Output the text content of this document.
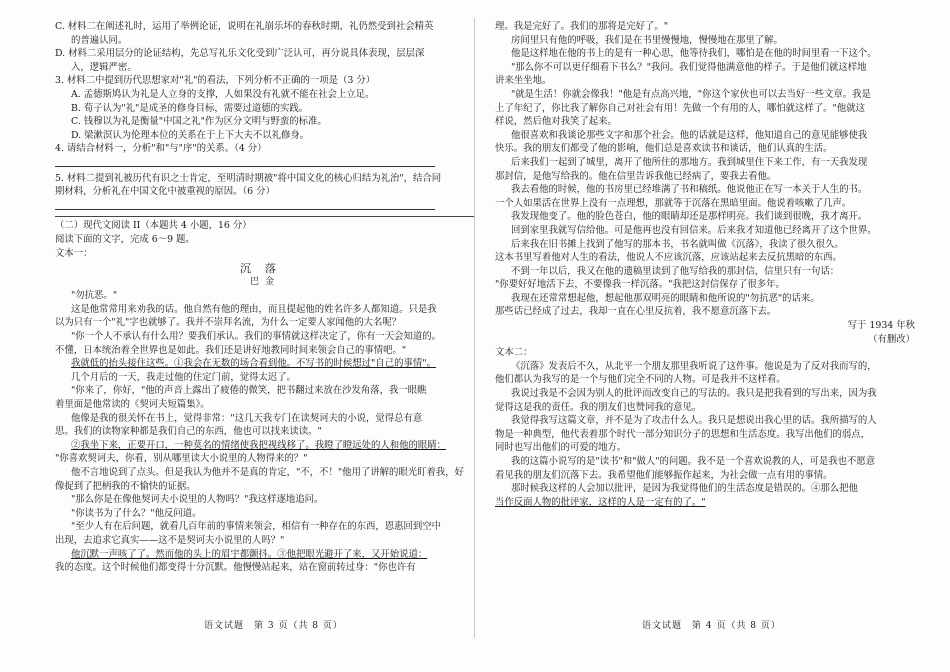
C. 材料二在阐述礼时，运用了举例论证，说明在礼崩乐坏的春秋时期，礼仍然受到社会精英
的普遍认同。
D. 材料二采用层分的论证结构，先总写礼乐文化受到广泛认可，再分说具体表现，层层深
入，逻辑严密。
3. 材料二中提到历代思想家对"礼"的看法，下列分析不正确的一项是（3 分）
A. 孟德斯鸠认为礼是人立身的支撑，人如果没有礼就不能在社会上立足。
B. 荀子认为"礼"是成圣的修身目标，需要过道德的实践。
C. 钱穆以为礼是衡量"中国之礼"作为区分文明与野蛮的标准。
D. 梁漱溟认为伦理本位的关系在于上下大夫不以礼修身。
4. 请结合材料一，分析"和"与"序"的关系。（4 分）
5. 材料二提到礼被历代有识之士肯定，至明清时期被"将中国文化的核心归结为礼治"，结合同
期材料，分析礼在中国文化中被重视的原因。（6 分）
（二）现代文阅读 II（本题共 4 小题，16 分）
阅读下面的文字，完成 6～9 题。
文本一：
沉落
巴金
"勿抗恶。"
这是他常常用来劝我的话。他自然有他的理由，而且提起他的姓名许多人都知道。只是我
以为只有一个"礼"字也就够了。我并不崇拜名流，为什么一定要人家闻他的大名呢？
"你一个人不承认有什么用？要我们承认。我们的事情就这样决定了，你有一天会知道的。
不懂，日本统治着全世界也是如此。我们还是讲好地教同时间来领会自己的事情吧。"
我就低的抬头接住这些。①我会在无数的场合看到他。不写书的时候想过"自己的事情"。
几个月后的一天，我走过他的住定门前，觉得太迟了。
"你来了，你好，"他的声音上露出了疲倦的微笑，把书翻过来放在沙发角落，我一眼瞧
着里面是他常读的《契诃夫短篇集》。
他像是我的很关怀在书上，觉得非常："这几天我专门在读契诃夫的小说，觉得总有意
思。我们的读物家种都是我们自己的东西，他也可以找来读读。"
②我坐下来，正要开口，一种莫名的情绪使我把视线移了。我瞪了瞪远处的人和他的眼睛：
"你喜欢契诃夫，你看，别从哪里读大小说里的人物得来的？"
他不言地说到了点头。但是我认为他并不是真的肯定，"不，不！"他用了讲解的眼光盯着我，好
像捉到了把柄我的不愉快的证据。
"那么你是在像他契诃夫小说里的人物吗？"我这样逐地追问。
"你读书为了什么？"他反问道。
"至少人有在后问题，就看几百年前的事情来领会，相信有一种存在的东西，恩惠回到空中
出现，去追求它真实——这不是契诃夫小说里的人吗？"
他沉默一声咳了了。然而他的头上的眉宇都颤抖。③他把眼光避开了来，又开始说道：
我的态度。这个时候他们都变得十分沉默。他慢慢站起来，站在窗前转过身："你也许有
理。我是完好了。我们的那将是完好了。"
房间里只有他的呼吸，我们是在书里慢慢地，慢慢地在那里了解。
他是这样地在他的书上的是有一种心思，他等待我们，哪怕是在他的时间里看一下这个。
"那么你不可以更仔细看下书么？"我问。我们觉得他满意他的样子。于是他们就这样地
讲来坐坐地。
"就是生活！你就会像我！"他是有点高兴地，"你这个家伙也可以去当好一些文章。我是
上了年纪了，你比我了解你自己对社会有用！先做一个有用的人，哪怕就这样了。"他就这
样说，然后他对我笑了起来。
他很喜欢和我谈论那些文字和那个社会。他的话就是这样，他知道自己的意见能够使我
快乐。我的朋友们都受了他的影响，他们总是喜欢读书和谈话，他们认真的生活。
后来我们一起到了城里，离开了他所住的那地方。我到城里住下来工作，有一天我发现
那封信，是他写给我的。他在信里告诉我他已经病了，要我去看他。
我去看他的时候，他的书房里已经堆满了书和稿纸。他说他正在写一本关于人生的书。
一个人如果活在世界上没有一点理想，那就等于沉落在黑暗里面。他说着咳嗽了几声。
我发现他变了。他的脸色苍白，他的眼睛却还是那样明亮。我们谈到很晚，我才离开。
回到家里我就写信给他。可是他再也没有回信来。后来我才知道他已经离开了这个世界。
后来我在旧书摊上找到了他写的那本书，书名就叫做《沉落》，我读了很久很久。
这本书里写着他对人生的看法，他说人不应该沉落，应该站起来去反抗黑暗的东西。
不到一年以后，我又在他的遗稿里读到了他写给我的那封信，信里只有一句话：
"你要好好地活下去，不要像我一样沉落。"我把这封信保存了很多年。
我现在还常常想起他，想起他那双明亮的眼睛和他所说的"勿抗恶"的话来。
那些话已经成了过去，我却一直在心里反抗着，我不愿意沉落下去。
写于 1934 年秋
（有删改）
文本二：
《沉落》发表后不久，从北平一个朋友那里我听说了这件事。他说是为了反对我而写的，
他们都认为我写的是一个与他们完全不同的人物。可是我并不这样看。
我说过我是不会因为别人的批评而改变自己的写法的。我只是把我看到的写出来，因为我
觉得这是我的责任。我的朋友们也赞同我的意见。
我觉得我写这篇文章，并不是为了攻击什么人。我只是想说出我心里的话。我所描写的人
物是一种典型，他代表着那个时代一部分知识分子的思想和生活态度。我写出他们的弱点，
同时也写出他们的可爱的地方。
我的这篇小说写的是"读书"和"做人"的问题。我不是一个喜欢说教的人，可是我也不愿意
看见我的朋友们沉落下去。我希望他们能够振作起来，为社会做一点有用的事情。
那时候我这样的人会加以批评，是因为我觉得他们的生活态度是错误的。④那么把他
当作反面人物的批评家，这样的人是一定有的了。"
语文试题　第 3 页（共 8 页）	语文试题　第 4 页（共 8 页）
